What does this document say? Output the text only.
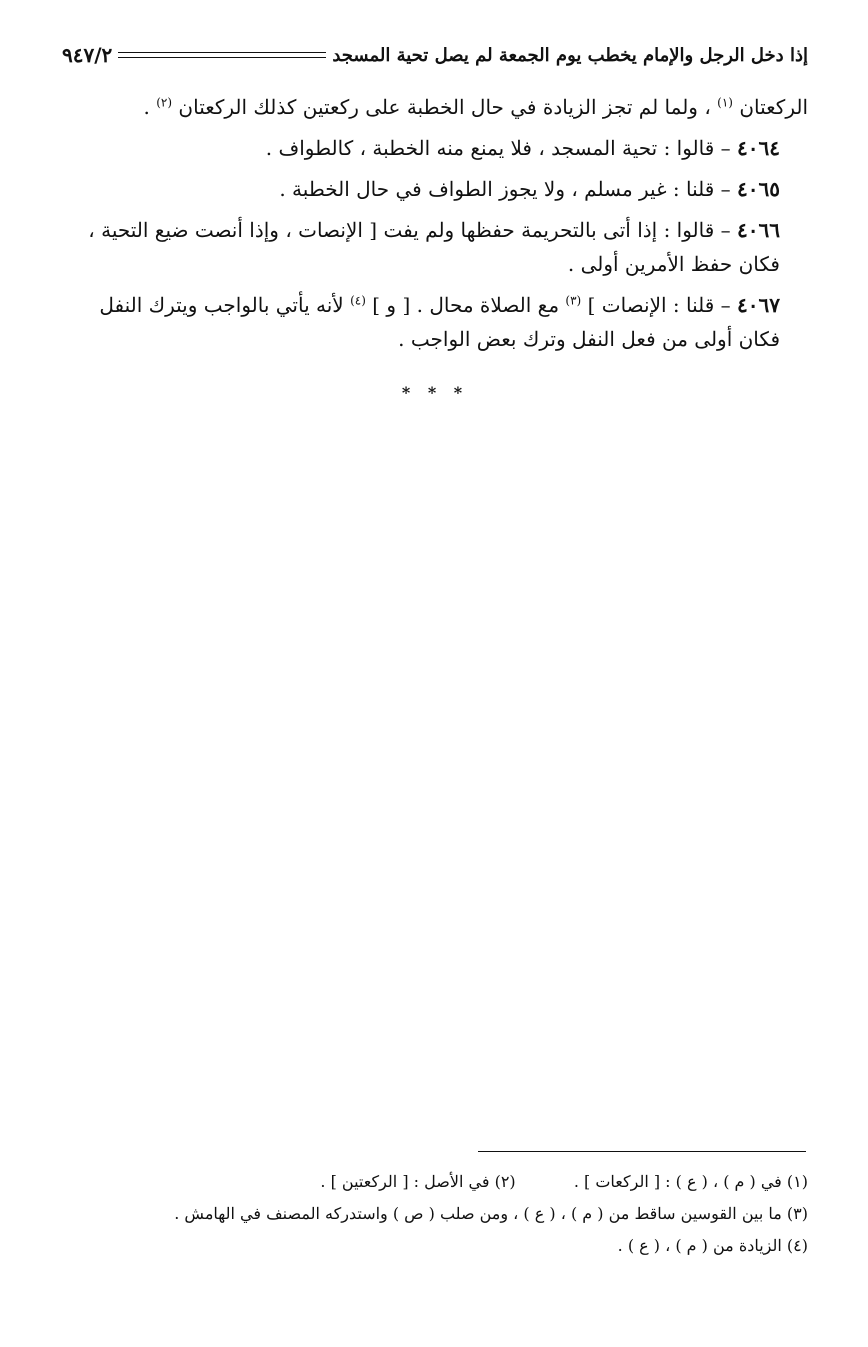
إذا دخل الرجل والإمام يخطب يوم الجمعة لم يصل تحية المسجد
٩٤٧/٢

الركعتان $^{(١)}$ ، ولما لم تجز الزيادة في حال الخطبة على ركعتين كذلك الركعتان $^{(٢)}$ .

٤٠٦٤ – قالوا : تحية المسجد ، فلا يمنع منه الخطبة ، كالطواف .

٤٠٦٥ – قلنا : غير مسلم ، ولا يجوز الطواف في حال الخطبة .

٤٠٦٦ – قالوا : إذا أتى بالتحريمة حفظها ولم يفت [ الإنصات ، وإذا أنصت ضيع التحية ، فكان حفظ الأمرين أولى .

٤٠٦٧ – قلنا : الإنصات ] $^{(٣)}$ مع الصلاة محال . [ و ] $^{(٤)}$ لأنه يأتي بالواجب ويترك النفل فكان أولى من فعل النفل وترك بعض الواجب .

* * *
(١) في ( م ) ، ( ع ) : [ الركعات ] .  (٢) في الأصل : [ الركعتين ] .
(٣) ما بين القوسين ساقط من ( م ) ، ( ع ) ، ومن صلب ( ص ) واستدركه المصنف في الهامش .
(٤) الزيادة من ( م ) ، ( ع ) .
